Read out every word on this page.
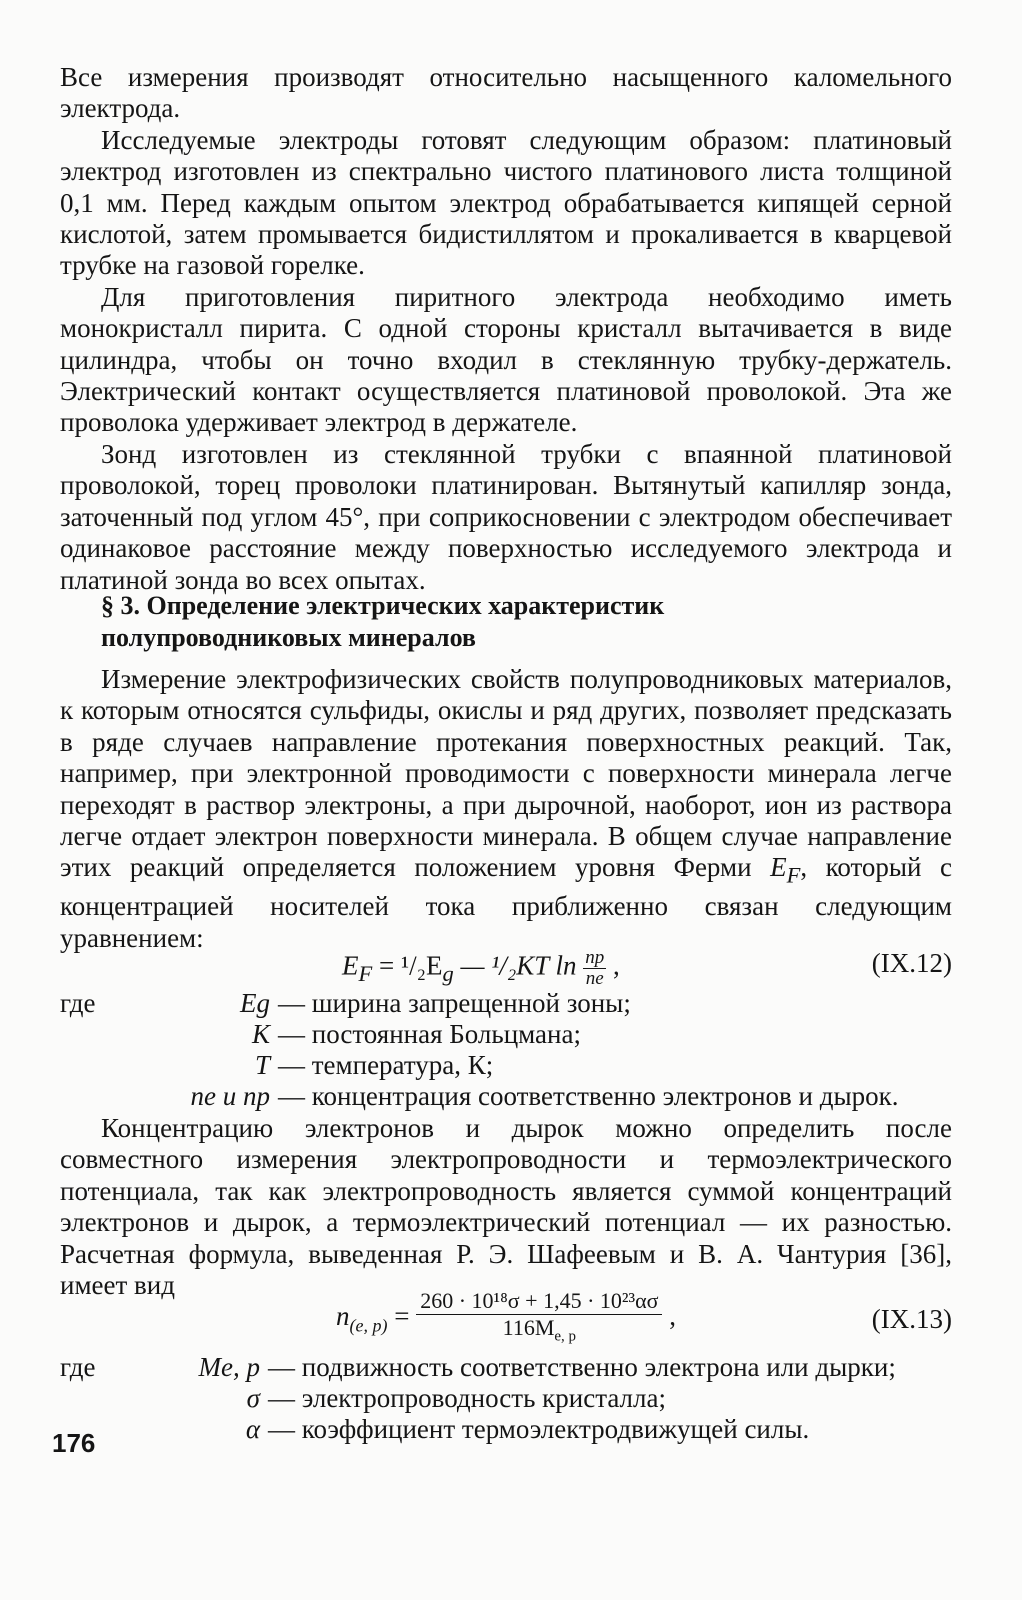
Все измерения производят относительно насыщенного каломельного электрода.

Исследуемые электроды готовят следующим образом: платиновый электрод изготовлен из спектрально чистого платинового листа толщиной 0,1 мм. Перед каждым опытом электрод обрабатывается кипящей серной кислотой, затем промывается бидистиллятом и прокаливается в кварцевой трубке на газовой горелке.

Для приготовления пиритного электрода необходимо иметь монокристалл пирита. С одной стороны кристалл вытачивается в виде цилиндра, чтобы он точно входил в стеклянную трубку-держатель. Электрический контакт осуществляется платиновой проволокой. Эта же проволока удерживает электрод в держателе.

Зонд изготовлен из стеклянной трубки с впаянной платиновой проволокой, торец проволоки платинирован. Вытянутый капилляр зонда, заточенный под углом 45°, при соприкосновении с электродом обеспечивает одинаковое расстояние между поверхностью исследуемого электрода и платиной зонда во всех опытах.

§ 3. Определение электрических характеристик
полупроводниковых минералов

Измерение электрофизических свойств полупроводниковых материалов, к которым относятся сульфиды, окислы и ряд других, позволяет предсказать в ряде случаев направление протекания поверхностных реакций. Так, например, при электронной проводимости с поверхности минерала легче переходят в раствор электроны, а при дырочной, наоборот, ион из раствора легче отдает электрон поверхности минерала. В общем случае направление этих реакций определяется положением уровня Ферми $E_F$, который с концентрацией носителей тока приближенно связан следующим уравнением:

$E_F = ^1/_2E_g$ — ¹/₂KT $\ln \frac{np}{ne}$ ,	(IX.12)
где	Eg — ширина запрещенной зоны;
K — постоянная Больцмана;
T — температура, К;
ne и np — концентрация соответственно электронов и дырок.

Концентрацию электронов и дырок можно определить после совместного измерения электропроводности и термоэлектрического потенциала, так как электропроводность является суммой концентраций электронов и дырок, а термоэлектрический потенциал — их разностью. Расчетная формула, выведенная Р. Э. Шафеевым и В. А. Чантурия [36], имеет вид

$n_{(e, p)} = \frac{\text{260 · 10¹⁸σ + 1,45 · 10²³ασ}}{116M_{e, p}}$ ,	(IX.13)
где	Me, p — подвижность соответственно электрона или дырки;
σ — электропроводность кристалла;
α — коэффициент термоэлектродвижущей силы.
176
